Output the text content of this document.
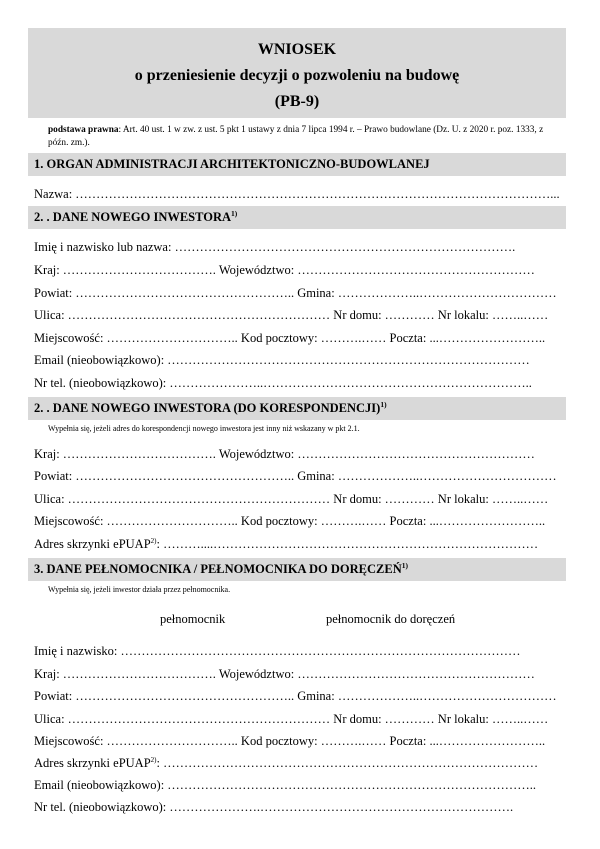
WNIOSEK
o przeniesienie decyzji o pozwoleniu na budowę
(PB-9)
podstawa prawna: Art. 40 ust. 1 w zw. z ust. 5 pkt 1 ustawy z dnia 7 lipca 1994 r. – Prawo budowlane (Dz. U. z 2020 r. poz. 1333, z późn. zm.).
1. ORGAN ADMINISTRACJI ARCHITEKTONICZNO-BUDOWLANEJ
Nazwa: ……………………………………………………………………………………………………...
2. . DANE NOWEGO INWESTORA$^{1)}$
Imię i nazwisko lub nazwa: ……………………………………………………………………….
Kraj: ………………………………. Województwo: …………………………………………………
Powiat: …………………………………………….. Gmina: ………………..……………………………
Ulica: ……………………………………………………… Nr domu: ………… Nr lokalu: ……..……
Miejscowość: ………………………….. Kod pocztowy: ……….…… Poczta: ...……………………..
Email (nieobowiązkowo): ……………………………………………………………………………
Nr tel. (nieobowiązkowo): …………………..………………………………………………………..
2. . DANE NOWEGO INWESTORA (DO KORESPONDENCJI)$^{1)}$
Wypełnia się, jeżeli adres do korespondencji nowego inwestora jest inny niż wskazany w pkt 2.1.
Kraj: ………………………………. Województwo: …………………………………………………
Powiat: …………………………………………….. Gmina: ………………..……………………………
Ulica: ……………………………………………………… Nr domu: ………… Nr lokalu: ……..……
Miejscowość: ………………………….. Kod pocztowy: ……….…… Poczta: ...……………………..
Adres skrzynki ePUAP$^{2)}$: ………....……………………………………………………………………
3. DANE PEŁNOMOCNIKA / PEŁNOMOCNIKA DO DORĘCZEŃ$^{1)}$
Wypełnia się, jeżeli inwestor działa przez pełnomocnika.
pełnomocnik	pełnomocnik do doręczeń
Imię i nazwisko: ……………………………………………………………………………………
Kraj: ………………………………. Województwo: …………………………………………………
Powiat: …………………………………………….. Gmina: ………………..……………………………
Ulica: ……………………………………………………… Nr domu: ………… Nr lokalu: ……..……
Miejscowość: ………………………….. Kod pocztowy: ……….…… Poczta: ...……………………..
Adres skrzynki ePUAP$^{2)}$: ………………………………………………………………………………
Email (nieobowiązkowo): ……………………………………………………………………………..
Nr tel. (nieobowiązkowo): ………………….…………………………………………………….
